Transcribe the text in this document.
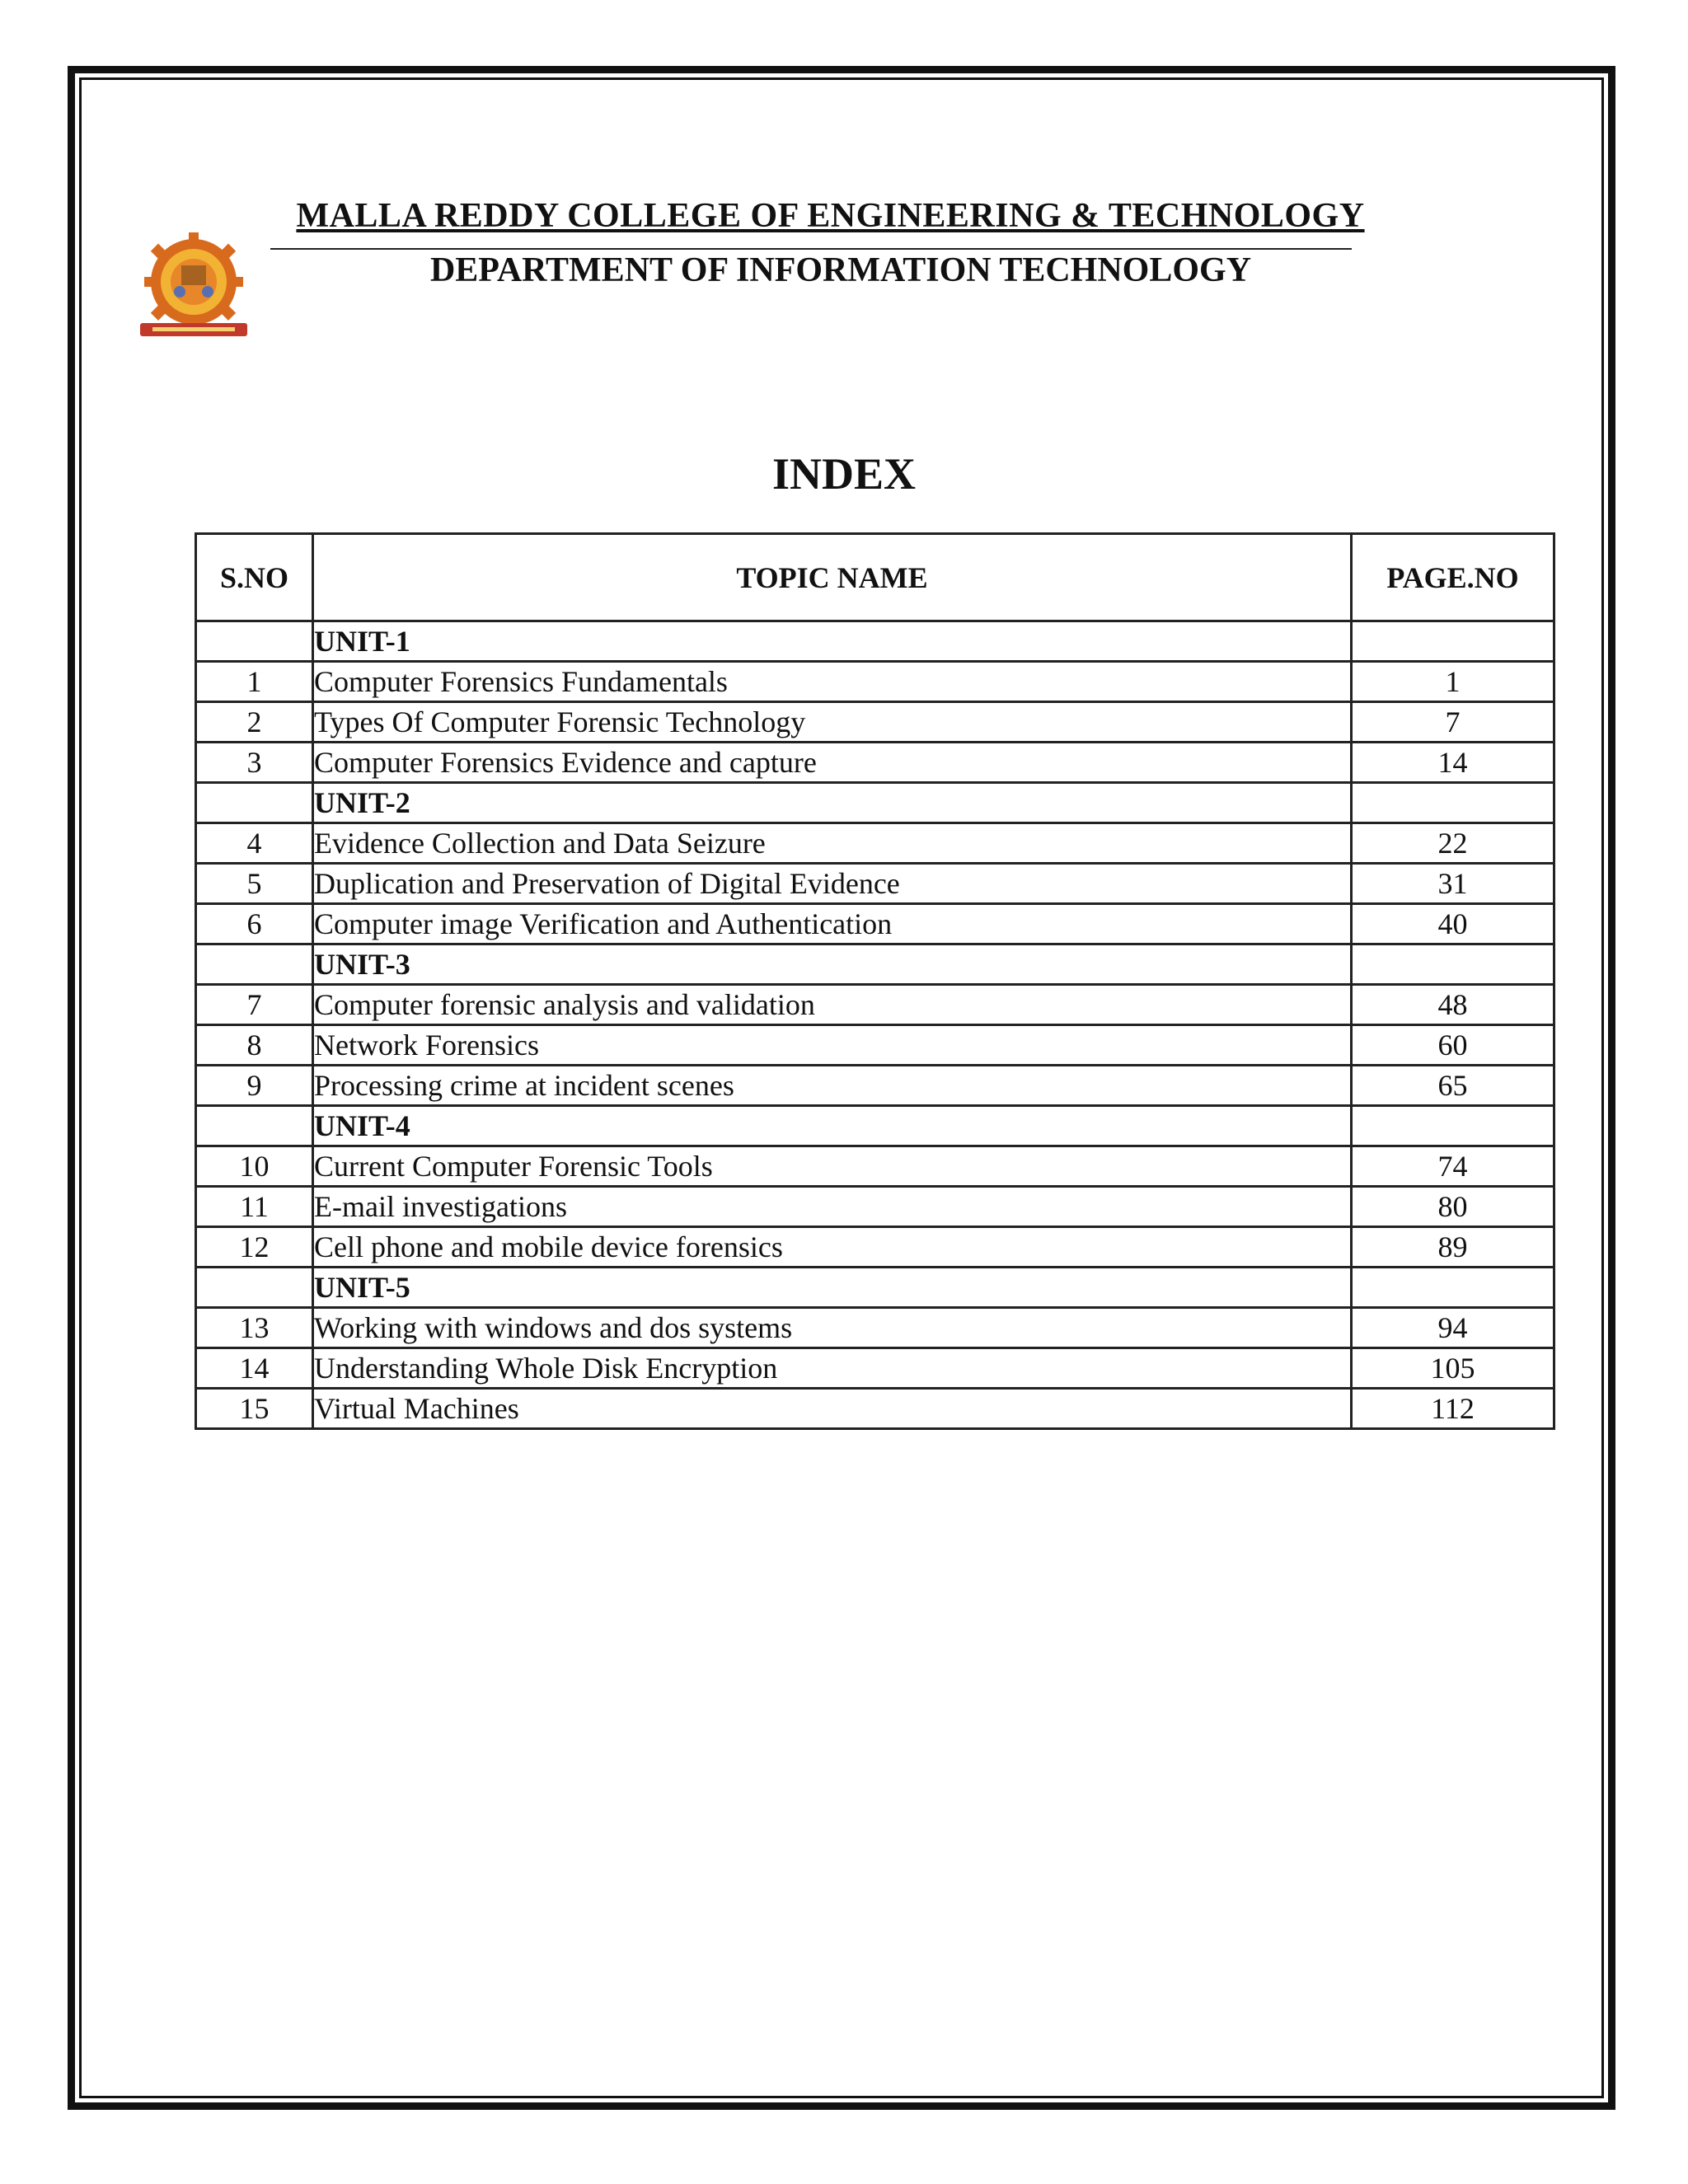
MALLA REDDY COLLEGE OF ENGINEERING & TECHNOLOGY
DEPARTMENT OF INFORMATION TECHNOLOGY
INDEX
S.NO	TOPIC NAME	PAGE.NO
	UNIT-1	
1	Computer Forensics Fundamentals	1
2	Types Of Computer Forensic Technology	7
3	Computer Forensics Evidence and capture	14
	UNIT-2	
4	Evidence Collection and Data Seizure	22
5	Duplication and Preservation of Digital Evidence	31
6	Computer image Verification and Authentication	40
	UNIT-3	
7	Computer forensic analysis and validation	48
8	Network Forensics	60
9	Processing crime at incident scenes	65
	UNIT-4	
10	Current Computer Forensic Tools	74
11	E-mail investigations	80
12	Cell phone and mobile device forensics	89
	UNIT-5	
13	Working with windows and dos systems	94
14	Understanding Whole Disk Encryption	105
15	Virtual Machines	112
